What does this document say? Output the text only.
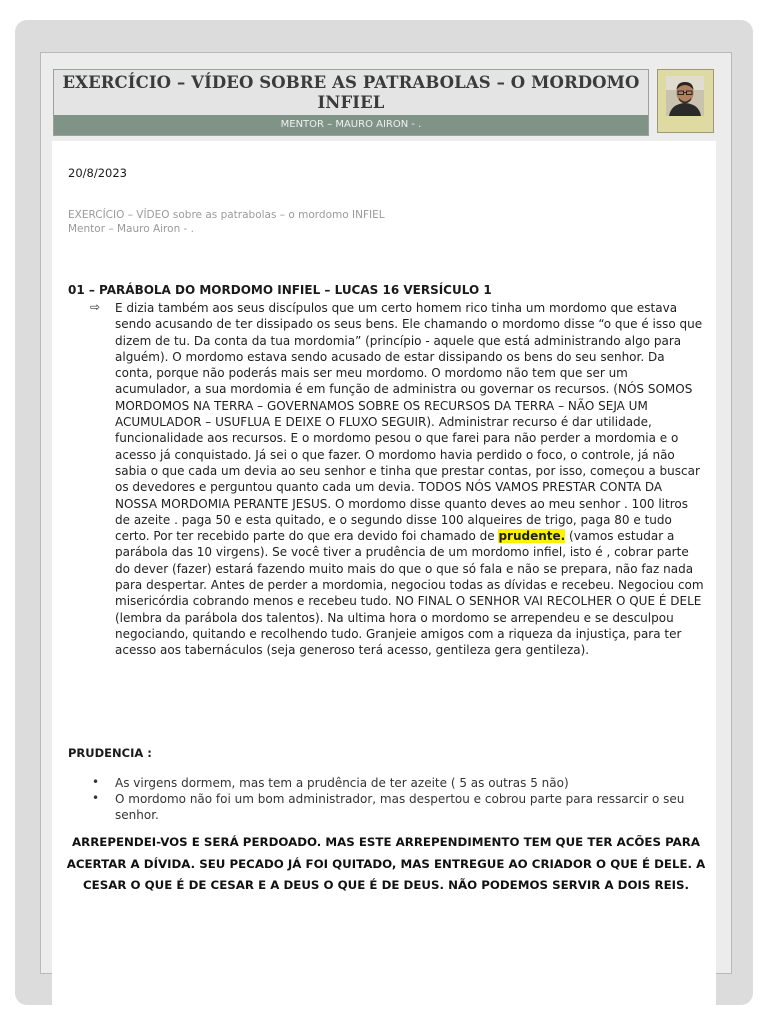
EXERCÍCIO – VÍDEO SOBRE AS PATRABOLAS – O MORDOMO INFIEL
MENTOR – MAURO AIRON - .
20/8/2023
EXERCÍCIO – VÍDEO sobre as patrabolas – o mordomo INFIEL
Mentor – Mauro Airon - .
01 – PARÁBOLA DO MORDOMO INFIEL – LUCAS 16 VERSÍCULO 1
⇨ E dizia também aos seus discípulos que um certo homem rico tinha um mordomo que estava sendo acusando de ter dissipado os seus bens. Ele chamando o mordomo disse “o que é isso que dizem de tu. Da conta da tua mordomia” (princípio - aquele que está administrando algo para alguém). O mordomo estava sendo acusado de estar dissipando os bens do seu senhor. Da conta, porque não poderás mais ser meu mordomo. O mordomo não tem que ser um acumulador, a sua mordomia é em função de administra ou governar os recursos. (NÓS SOMOS MORDOMOS NA TERRA – GOVERNAMOS SOBRE OS RECURSOS DA TERRA – NÃO SEJA UM ACUMULADOR – USUFLUA E DEIXE O FLUXO SEGUIR). Administrar recurso é dar utilidade, funcionalidade aos recursos. E o mordomo pesou o que farei para não perder a mordomia e o acesso já conquistado. Já sei o que fazer. O mordomo havia perdido o foco, o controle, já não sabia o que cada um devia ao seu senhor e tinha que prestar contas, por isso, começou a buscar os devedores e perguntou quanto cada um devia. TODOS NÓS VAMOS PRESTAR CONTA DA NOSSA MORDOMIA PERANTE JESUS. O mordomo disse quanto deves ao meu senhor . 100 litros de azeite . paga 50 e esta quitado, e o segundo disse 100 alqueires de trigo, paga 80 e tudo certo. Por ter recebido parte do que era devido foi chamado de prudente. (vamos estudar a parábola das 10 virgens). Se você tiver a prudência de um mordomo infiel, isto é , cobrar parte do dever (fazer) estará fazendo muito mais do que o que só fala e não se prepara, não faz nada para despertar. Antes de perder a mordomia, negociou todas as dívidas e recebeu. Negociou com misericórdia cobrando menos e recebeu tudo. NO FINAL O SENHOR VAI RECOLHER O QUE É DELE (lembra da parábola dos talentos). Na ultima hora o mordomo se arrependeu e se desculpou negociando, quitando e recolhendo tudo. Granjeie amigos com a riqueza da injustiça, para ter acesso aos tabernáculos (seja generoso terá acesso, gentileza gera gentileza).

PRUDENCIA :
• As virgens dormem, mas tem a prudência de ter azeite ( 5 as outras 5 não)

• O mordomo não foi um bom administrador, mas despertou e cobrou parte para ressarcir o seu senhor.

ARREPENDEI-VOS E SERÁ PERDOADO. MAS ESTE ARREPENDIMENTO TEM QUE TER ACÕES PARA ACERTAR A DÍVIDA. SEU PECADO JÁ FOI QUITADO, MAS ENTREGUE AO CRIADOR O QUE É DELE. A CESAR O QUE É DE CESAR E A DEUS O QUE É DE DEUS. NÃO PODEMOS SERVIR A DOIS REIS.
